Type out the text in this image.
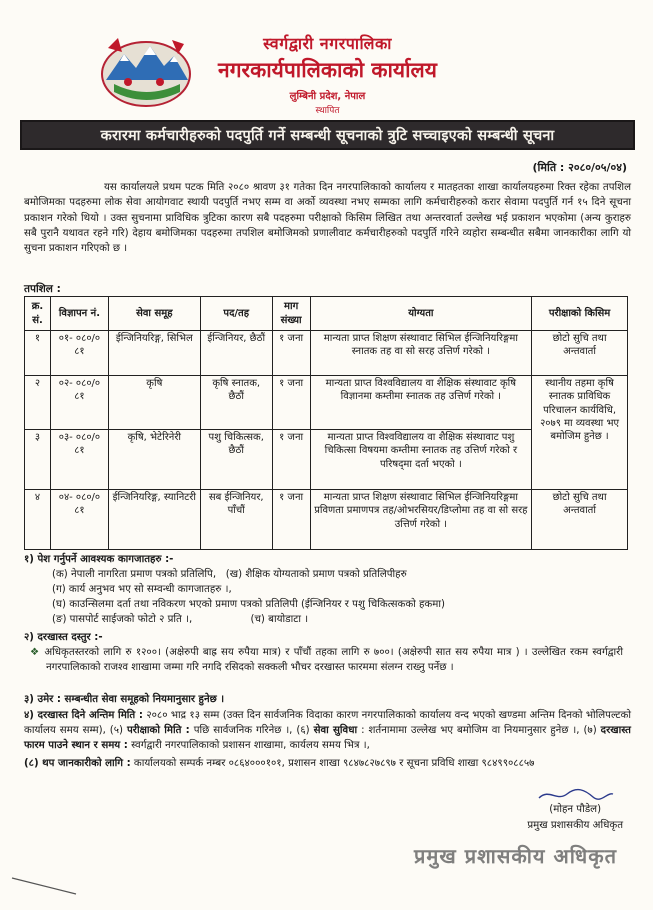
स्वर्गद्वारी नगरपालिका
नगरकार्यपालिकाको कार्यालय
लुम्बिनी प्रदेश, नेपाल
स्थापित
करारमा कर्मचारीहरुको पदपुर्ति गर्ने सम्बन्धी सूचनाको त्रुटि सच्चाइएको सम्बन्धी सूचना
(मिति : २०८०/०५/०४)
यस कार्यालयले प्रथम पटक मिति २०८० श्रावण ३१ गतेका दिन नगरपालिकाको कार्यालय र मातहतका शाखा कार्यालयहरुमा रिक्त रहेका तपशिल बमोजिमका पदहरुमा लोक सेवा आयोगवाट स्थायी पदपुर्ति नभए सम्म वा अर्को व्यवस्था नभए सम्मका लागि कर्मचारीहरुको करार सेवामा पदपुर्ति गर्न १५ दिने सूचना प्रकाशन गरेको थियो । उक्त सुचनामा प्राविधिक त्रुटिका कारण सबै पदहरुमा परीक्षाको किसिम लिखित तथा अन्तरवार्ता उल्लेख भई प्रकाशन भएकोमा (अन्य कुराहरु सबै पुरानै यथावत रहने गरि) देहाय बमोजिमका पदहरुमा तपशिल बमोजिमको प्रणालीवाट कर्मचारीहरुको पदपुर्ति गरिने व्यहोरा सम्बन्धीत सबैमा जानकारीका लागि यो सुचना प्रकाशन गरिएको छ ।
तपशिल :
क्र. सं.	विज्ञापन नं.	सेवा समूह	पद/तह	माग संख्या	योग्यता	परीक्षाको किसिम
१	०१- ०८०/० ८१	ईन्जिनियरिङ्ग, सिभिल	ईन्जिनियर, छैठौं	१ जना	मान्यता प्राप्त शिक्षण संस्थावाट सिभिल ईन्जिनियरिङ्गमा स्नातक तह वा सो सरह उत्तिर्ण गरेको ।	छोटो सुचि तथा अन्तवार्ता
२	०२- ०८०/० ८१	कृषि	कृषि स्नातक, छैठौं	१ जना	मान्यता प्राप्त विश्वविद्यालय वा शैक्षिक संस्थावाट कृषि विज्ञानमा कम्तीमा स्नातक तह उत्तिर्ण गरेको ।	स्थानीय तहमा कृषि स्नातक प्राविधिक परिचालन कार्यविधि, २०७९ मा व्यवस्था भए बमोजिम हुनेछ ।
३	०३- ०८०/० ८१	कृषि, भेटेरिनेरी	पशु चिकित्सक, छैठौं	१ जना	मान्यता प्राप्त विश्वविद्यालय वा शैक्षिक संस्थावाट पशु चिकित्सा विषयमा कम्तीमा स्नातक तह उत्तिर्ण गरेको र परिषद्‌मा दर्ता भएको ।	
४	०४- ०८०/० ८१	ईन्जिनियरिङ्ग, स्यानिटरी	सब ईन्जिनियर, पाँचौं	१ जना	मान्यता प्राप्त शिक्षण संस्थावाट सिभिल ईन्जिनियरिङ्गमा प्रविणता प्रमाणपत्र तह/ओभरसियर/डिप्लोमा तह वा सो सरह उत्तिर्ण गरेको ।	छोटो सुचि तथा अन्तवार्ता
१) पेश गर्नुपर्ने आवश्यक कागजातहरु :-
(क) नेपाली नागरिता प्रमाण पत्रको प्रतिलिपि,   (ख) शैक्षिक योग्यताको प्रमाण पत्रको प्रतिलिपीहरु
(ग) कार्य अनुभव भए सो सम्वन्धी कागजातहरु ।,
(घ) काउन्सिलमा दर्ता तथा नविकरण भएको प्रमाण पत्रको प्रतिलिपी (ईन्जिनियर र पशु चिकित्सकको हकमा)
(ङ) पासपोर्ट साईजको फोटो २ प्रति ।,                  (च) बायोडाटा ।
२) दरखास्त दस्तुर :-
❖ अधिकृतस्तरको लागि रु १२००। (अक्षेरुपी बाह्र सय रुपैया मात्र) र पाँचौं तहका लागि रु ७००। (अक्षेरुपी सात सय रुपैया मात्र ) । उल्लेखित रकम स्वर्गद्वारी नगरपालिकाको राजश्व शाखामा जम्मा गरि नगदि रसिदको सक्कली भौचर दरखास्त फारममा संलग्न राख्नु पर्नेछ ।
३) उमेर : सम्बन्धीत सेवा समूहको नियमानुसार हुनेछ ।
४) दरखास्त दिने अन्तिम मिति : २०८० भाद्र १३ सम्म (उक्त दिन सार्वजनिक विदाका कारण नगरपालिकाको कार्यालय वन्द भएको खण्डमा अन्तिम दिनको भोलिपल्टको कार्यालय समय सम्म), (५) परीक्षाको मिति : पछि सार्वजनिक गरिनेछ ।, (६) सेवा सुविधा : शर्तनामामा उल्लेख भए बमोजिम वा नियमानुसार हुनेछ ।, (७) दरखास्त फारम पाउने स्थान र समय : स्वर्गद्वारी नगरपालिकाको प्रशासन शाखामा, कार्यलय समय भित्र ।,
(८) थप जानकारीको लागि : कार्यालयको सम्पर्क नम्बर ०८६४०००१०१, प्रशासन शाखा ९८४७८२७८९७ र सूचना प्रविधि शाखा ९८४९९०८८५७
(मोहन पौडेल)
प्रमुख प्रशासकीय अधिकृत
प्रमुख प्रशासकीय अधिकृत
